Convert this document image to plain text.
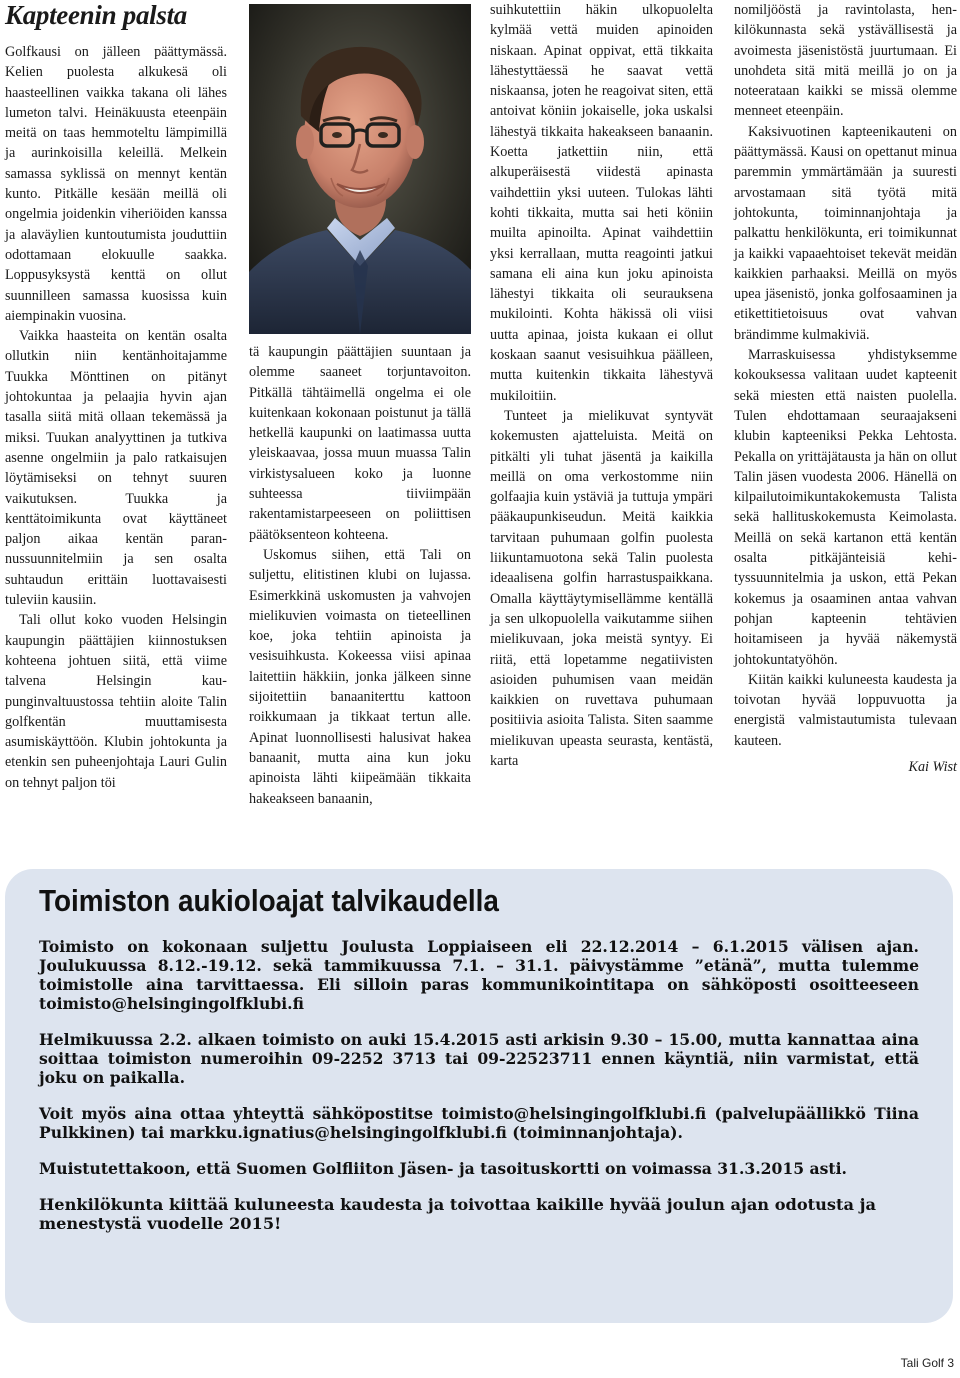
Kapteenin palsta

Golfkausi on jälleen päättymässä. Kelien puolesta alkukesä oli haasteellinen vaikka takana oli lähes lumeton talvi. Heinäkuusta eteenpäin meitä on taas hemmoteltu lämpimillä ja aurinkoisilla keleillä. Melkein samassa syklissä on mennyt kentän kunto. Pitkälle kesään meillä oli ongelmia joidenkin viheriöiden kanssa ja alaväylien kuntoutumista jouduttiin odottamaan elokuulle saakka. Loppusyksystä kenttä on ollut suunnilleen samassa kuosissa kuin aiempinakin vuosina.

Vaikka haasteita on kentän osalta ollutkin niin kentänhoitajamme Tuukka Mönttinen on pitänyt johtokuntaa ja pelaajia hyvin ajan tasalla siitä mitä ollaan tekemässä ja miksi. Tuukan analyyttinen ja tutkiva asenne ongelmiin ja palo ratkaisujen löytämiseksi on tehnyt suuren vaikutuksen. Tuukka ja kenttätoimikunta ovat käyttäneet paljon aikaa kentän parannussuunnitelmiin ja sen osalta suhtaudun erittäin luottavaisesti tuleviin kausiin.

Tali ollut koko vuoden Helsingin kaupungin päättäjien kiinnostuksen kohteena johtuen siitä, että viime talvena Helsingin kaupunginvaltuustossa tehtiin aloite Talin golfkentän muuttamisesta asumiskäyttöön. Klubin johtokunta ja etenkin sen puheenjohtaja Lauri Gulin on tehnyt paljon töi

tä kaupungin päättäjien suuntaan ja olemme saaneet torjuntavoiton. Pitkällä tähtäimellä ongelma ei ole kuitenkaan kokonaan poistunut ja tällä hetkellä kaupunki on laatimassa uutta yleiskaavaa, jossa muun muassa Talin virkistysalueen koko ja luonne suhteessa tiiviimpään rakentamistarpeeseen on poliittisen päätöksenteon kohteena.

Uskomus siihen, että Tali on suljettu, elitistinen klubi on lujassa. Esimerkkinä uskomusten ja vahvojen mielikuvien voimasta on tieteellinen koe, joka tehtiin apinoista ja vesisuihkusta. Kokeessa viisi apinaa laitettiin häkkiin, jonka jälkeen sinne sijoitettiin banaaniterttu kattoon roikkumaan ja tikkaat tertun alle. Apinat luonnollisesti halusivat hakea banaanit, mutta aina kun joku apinoista lähti kiipeämään tikkaita hakeakseen banaanin,

suihkutettiin häkin ulkopuolelta kylmää vettä muiden apinoiden niskaan. Apinat oppivat, että tikkaita lähestyttäessä he saavat vettä niskaansa, joten he reagoivat siten, että antoivat köniin jokaiselle, joka uskalsi lähestyä tikkaita hakeakseen banaanin. Koetta jatkettiin niin, että alkuperäisestä viidestä apinasta vaihdettiin yksi uuteen. Tulokas lähti kohti tikkaita, mutta sai heti köniin muilta apinoilta. Apinat vaihdettiin yksi kerrallaan, mutta reagointi jatkui samana eli aina kun joku apinoista lähestyi tikkaita oli seurauksena mukilointi. Kohta häkissä oli viisi uutta apinaa, joista kukaan ei ollut koskaan saanut vesisuihkua päälleen, mutta kuitenkin tikkaita lähestyvä mukiloitiin.

Tunteet ja mielikuvat syntyvät kokemusten ajatteluista. Meitä on pitkälti yli tuhat jäsentä ja kaikilla meillä on oma verkostomme niin golfaajia kuin ystäviä ja tuttuja ympäri pääkaupunkiseudun. Meitä kaikkia tarvitaan puhumaan golfin puolesta liikuntamuotona sekä Talin puolesta ideaalisena golfin harrastuspaikkana. Omalla käyttäytymisellämme kentällä ja sen ulkopuolella vaikutamme siihen mielikuvaan, joka meistä syntyy. Ei riitä, että lopetamme negatiivisten asioiden puhumisen vaan meidän kaikkien on ruvettava puhumaan positiivia asioita Talista. Siten saamme mielikuvan upeasta seurasta, kentästä, karta

nomiljööstä ja ravintolasta, henkilökunnasta sekä ystävällisestä ja avoimesta jäsenistöstä juurtumaan. Ei unohdeta sitä mitä meillä jo on ja noteerataan kaikki se missä olemme menneet eteenpäin.

Kaksivuotinen kapteenikauteni on päättymässä. Kausi on opettanut minua paremmin ymmärtämään ja suuresti arvostamaan sitä työtä mitä johtokunta, toiminnanjohtaja ja palkattu henkilökunta, eri toimikunnat ja kaikki vapaaehtoiset tekevät meidän kaikkien parhaaksi. Meillä on myös upea jäsenistö, jonka golfosaaminen ja etikettitietoisuus ovat vahvan brändimme kulmakiviä.

Marraskuisessa yhdistyksemme kokouksessa valitaan uudet kapteenit sekä miesten että naisten puolella. Tulen ehdottamaan seuraajakseni klubin kapteeniksi Pekka Lehtosta. Pekalla on yrittäjätausta ja hän on ollut Talin jäsen vuodesta 2006. Hänellä on kilpailutoimikuntakokemusta Talista sekä hallituskokemusta Keimolasta. Meillä on sekä kartanon että kentän osalta pitkäjänteisiä kehityssuunnitelmia ja uskon, että Pekan kokemus ja osaaminen antaa vahvan pohjan kapteenin tehtävien hoitamiseen ja hyvää näkemystä johtokuntatyöhön.

Kiitän kaikki kuluneesta kaudesta ja toivotan hyvää loppuvuotta ja energistä valmistautumista tulevaan kauteen.

Kai Wist

Toimiston aukioloajat talvikaudella

Toimisto on kokonaan suljettu Joulusta Loppiaiseen eli 22.12.2014 – 6.1.2015 välisen ajan. Joulukuussa 8.12.-19.12. sekä tammikuussa 7.1. – 31.1. päivystämme ”etänä”, mutta tulemme toimistolle aina tarvittaessa. Eli silloin paras kommunikointitapa on sähköposti osoitteeseen toimisto@helsingingolfklubi.fi

Helmikuussa 2.2. alkaen toimisto on auki 15.4.2015 asti arkisin 9.30 – 15.00, mutta kannattaa aina soittaa toimiston numeroihin 09-2252 3713 tai 09-22523711 ennen käyntiä, niin varmistat, että joku on paikalla.

Voit myös aina ottaa yhteyttä sähköpostitse toimisto@helsingingolfklubi.fi (palvelupäällikkö Tiina Pulkkinen) tai markku.ignatius@helsingingolfklubi.fi (toiminnanjohtaja).

Muistutettakoon, että Suomen Golfliiton Jäsen- ja tasoituskortti on voimassa 31.3.2015 asti.

Henkilökunta kiittää kuluneesta kaudesta ja toivottaa kaikille hyvää joulun ajan odotusta ja menestystä vuodelle 2015!

Tali Golf 3
